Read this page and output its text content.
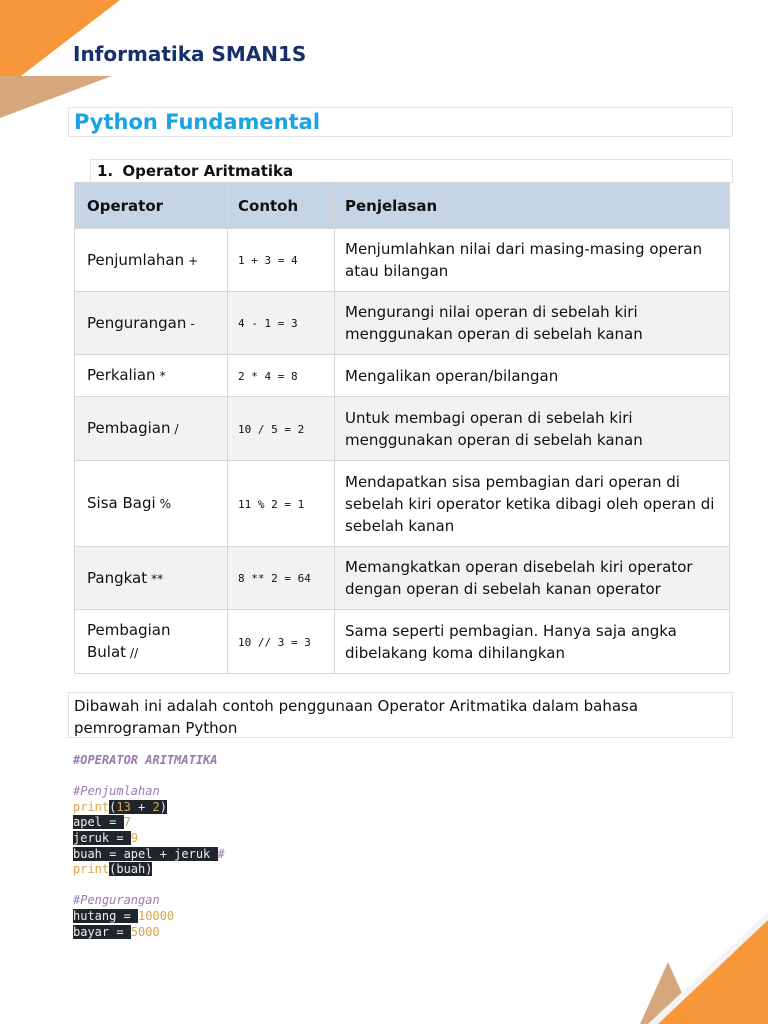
Informatika SMAN1S
Python Fundamental
1. Operator Aritmatika
Operator	Contoh	Penjelasan
Penjumlahan +	1 + 3 = 4	Menjumlahkan nilai dari masing-masing operan atau bilangan
Pengurangan -	4 - 1 = 3	Mengurangi nilai operan di sebelah kiri menggunakan operan di sebelah kanan
Perkalian *	2 * 4 = 8	Mengalikan operan/bilangan
Pembagian /	10 / 5 = 2	Untuk membagi operan di sebelah kiri menggunakan operan di sebelah kanan
Sisa Bagi %	11 % 2 = 1	Mendapatkan sisa pembagian dari operan di sebelah kiri operator ketika dibagi oleh operan di sebelah kanan
Pangkat **	8 ** 2 = 64	Memangkatkan operan disebelah kiri operator dengan operan di sebelah kanan operator
Pembagian Bulat //	10 // 3 = 3	Sama seperti pembagian. Hanya saja angka dibelakang koma dihilangkan
Dibawah ini adalah contoh penggunaan Operator Aritmatika dalam bahasa pemrograman Python
#OPERATOR ARITMATIKA
#Penjumlahan
print(13 + 2)
apel = 7
jeruk = 9
buah = apel + jeruk #
print(buah)
#Pengurangan
hutang = 10000
bayar = 5000
